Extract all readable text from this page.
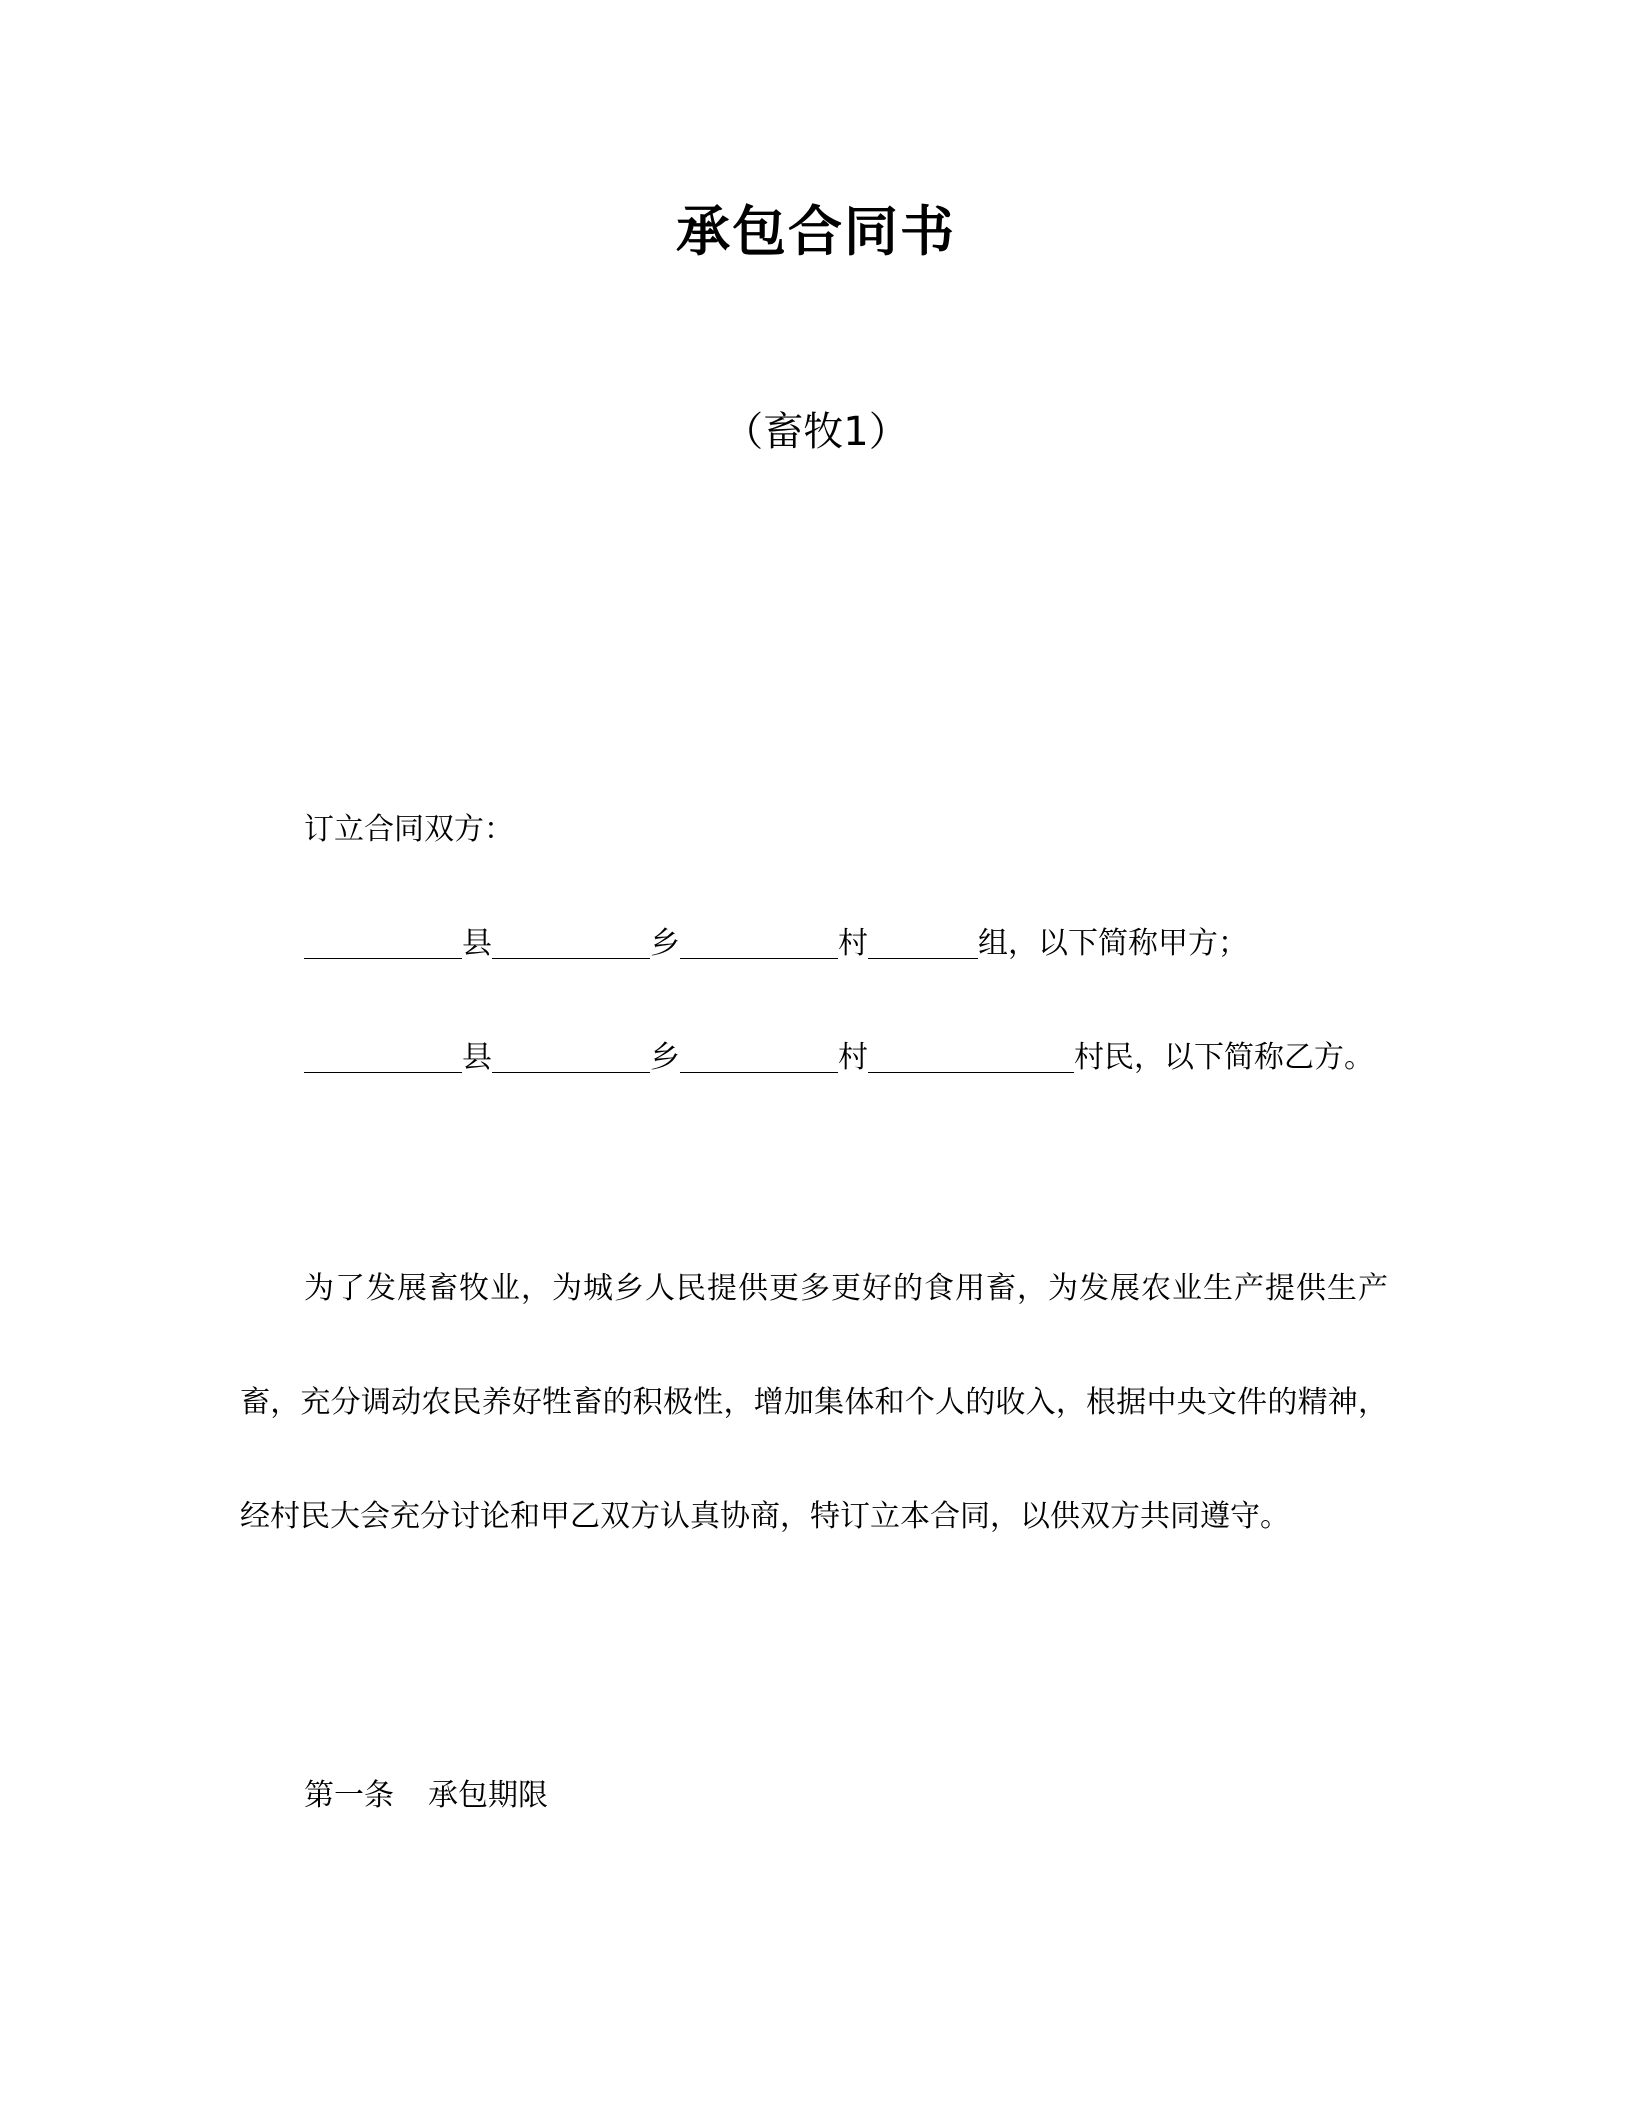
承包合同书
（畜牧1）
订立合同双方：
县	乡	村	组，以下简称甲方；
县	乡	村	村民，以下简称乙方。

为了发展畜牧业，为城乡人民提供更多更好的食用畜，为发展农业生产提供生产畜，充分调动农民养好牲畜的积极性，增加集体和个人的收入，根据中央文件的精神，经村民大会充分讨论和甲乙双方认真协商，特订立本合同，以供双方共同遵守。

第一条 承包期限
